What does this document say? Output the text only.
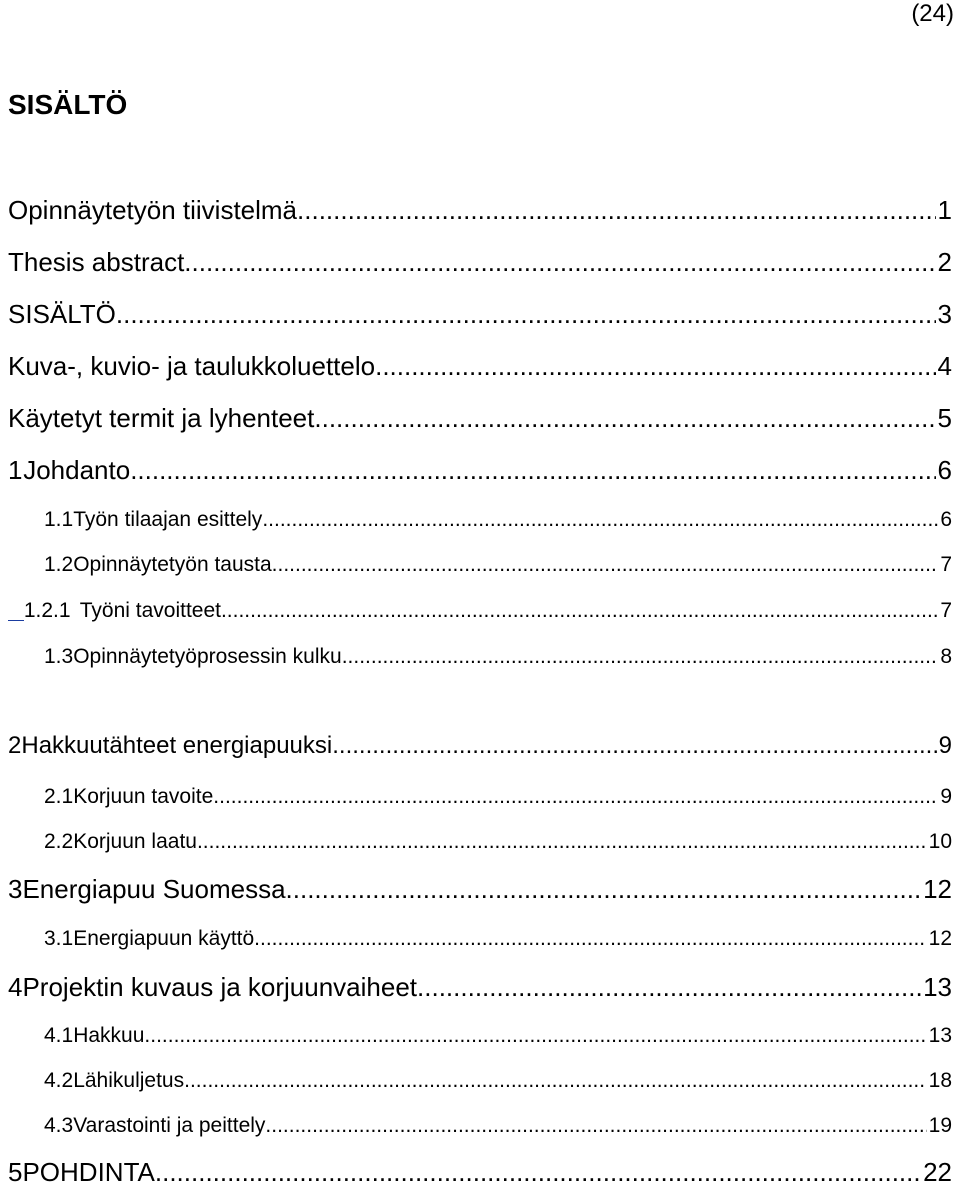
(24)
SISÄLTÖ
Opinnäytetyön tiivistelmä .....	1
Thesis abstract .....	2
SISÄLTÖ .....	3
Kuva-, kuvio- ja taulukkoluettelo .....	4
Käytetyt termit ja lyhenteet .....	5
1 Johdanto .....	6
1.1 Työn tilaajan esittely .....	6
1.2 Opinnäytetyön tausta .....	7
1.2.1 Työni tavoitteet .....	7
1.3 Opinnäytetyöprosessin kulku .....	8
2 Hakkuutähteet energiapuuksi .....	9
2.1 Korjuun tavoite .....	9
2.2 Korjuun laatu .....	10
3 Energiapuu Suomessa .....	12
3.1 Energiapuun käyttö .....	12
4 Projektin kuvaus ja korjuunvaiheet .....	13
4.1 Hakkuu .....	13
4.2 Lähikuljetus .....	18
4.3 Varastointi ja peittely .....	19
5 POHDINTA .....	22
